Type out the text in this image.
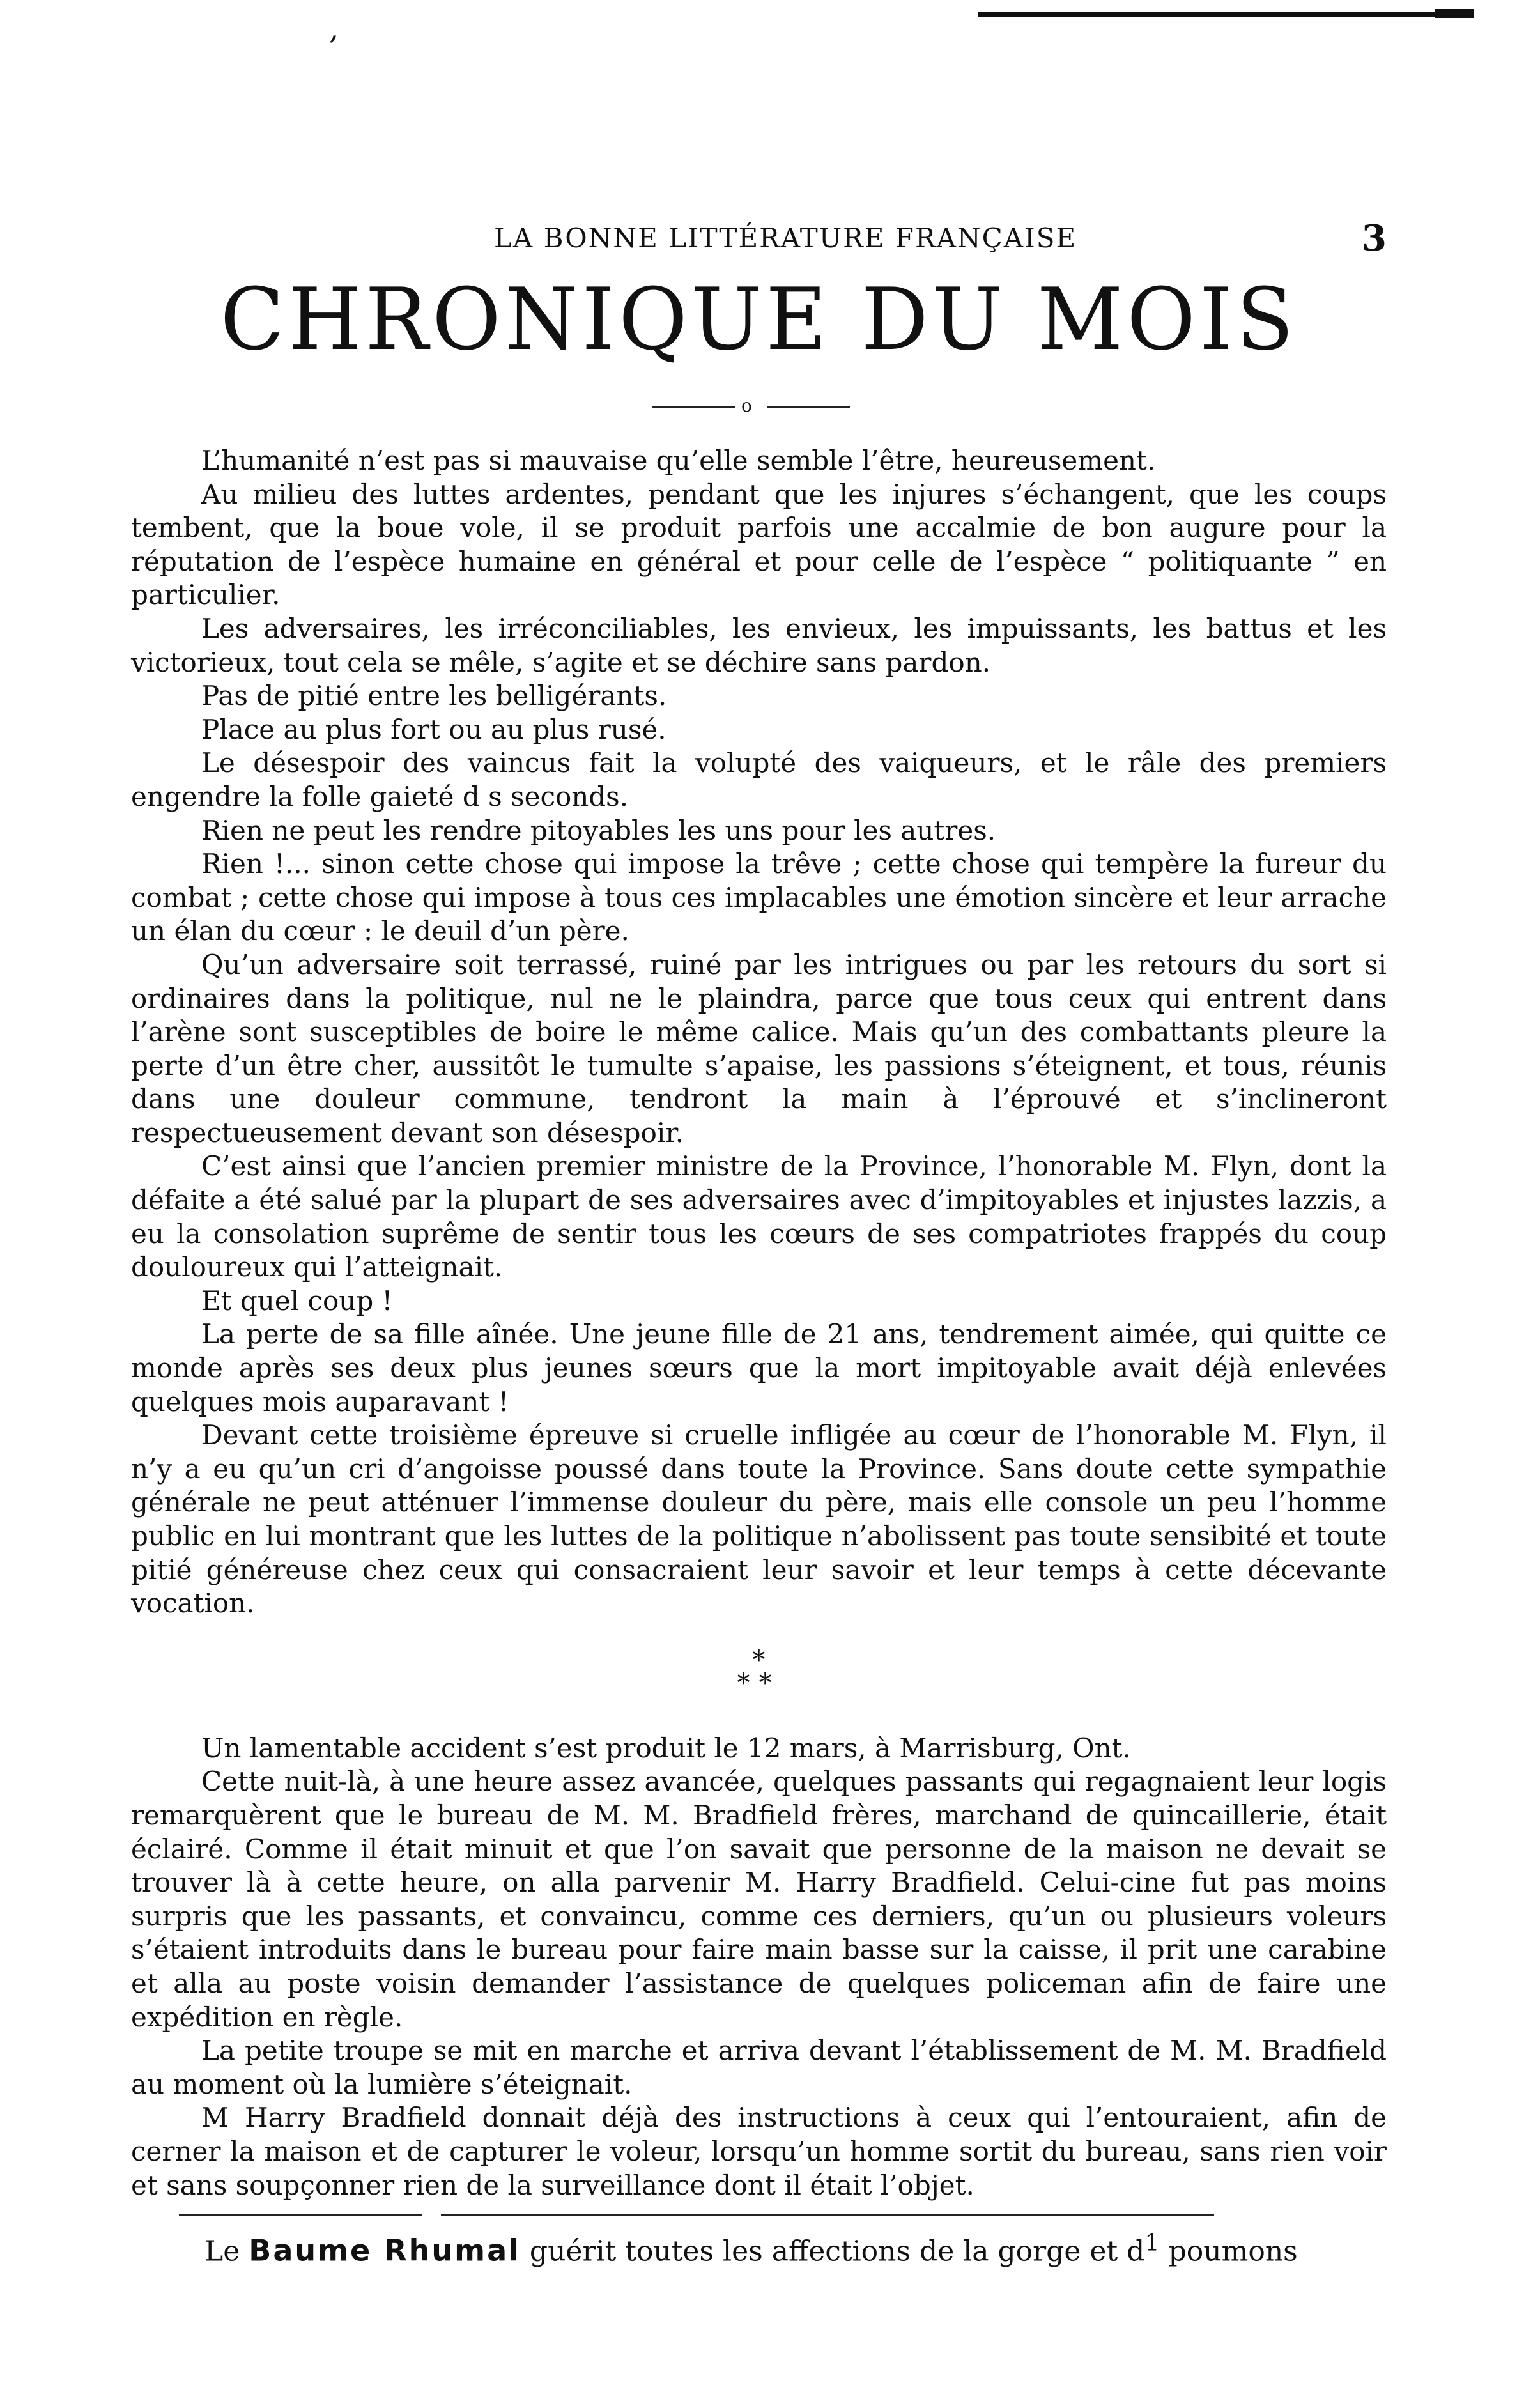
’
LA BONNE LITTÉRATURE FRANÇAISE	3
CHRONIQUE DU MOIS
o

L’humanité n’est pas si mauvaise qu’elle semble l’être, heureusement.

Au milieu des luttes ardentes, pendant que les injures s’échangent, que les coups tembent, que la boue vole, il se produit parfois une accalmie de bon augure pour la réputation de l’espèce humaine en général et pour celle de l’espèce “ politiquante ” en particulier.

Les adversaires, les irréconciliables, les envieux, les impuissants, les battus et les victorieux, tout cela se mêle, s’agite et se déchire sans pardon.

Pas de pitié entre les belligérants.

Place au plus fort ou au plus rusé.

Le désespoir des vaincus fait la volupté des vaiqueurs, et le râle des premiers engendre la folle gaieté d s seconds.

Rien ne peut les rendre pitoyables les uns pour les autres.

Rien !... sinon cette chose qui impose la trêve ; cette chose qui tempère la fureur du combat ; cette chose qui impose à tous ces implacables une émotion sincère et leur arrache un élan du cœur : le deuil d’un père.

Qu’un adversaire soit terrassé, ruiné par les intrigues ou par les retours du sort si ordinaires dans la politique, nul ne le plaindra, parce que tous ceux qui entrent dans l’arène sont susceptibles de boire le même calice. Mais qu’un des combattants pleure la perte d’un être cher, aussitôt le tumulte s’apaise, les passions s’éteignent, et tous, réunis dans une douleur commune, tendront la main à l’éprouvé et s’inclineront respectueusement devant son désespoir.

C’est ainsi que l’ancien premier ministre de la Province, l’honorable M. Flyn, dont la défaite a été salué par la plupart de ses adversaires avec d’impitoyables et injustes lazzis, a eu la consolation suprême de sentir tous les cœurs de ses compatriotes frappés du coup douloureux qui l’atteignait.

Et quel coup !

La perte de sa fille aînée. Une jeune fille de 21 ans, tendrement aimée, qui quitte ce monde après ses deux plus jeunes sœurs que la mort impitoyable avait déjà enlevées quelques mois auparavant !

Devant cette troisième épreuve si cruelle infligée au cœur de l’honorable M. Flyn, il n’y a eu qu’un cri d’angoisse poussé dans toute la Province. Sans doute cette sympathie générale ne peut atténuer l’immense douleur du père, mais elle console un peu l’homme public en lui montrant que les luttes de la politique n’abolissent pas toute sensibité et toute pitié généreuse chez ceux qui consacraient leur savoir et leur temps à cette décevante vocation.

*
**

Un lamentable accident s’est produit le 12 mars, à Marrisburg, Ont.

Cette nuit-là, à une heure assez avancée, quelques passants qui regagnaient leur logis remarquèrent que le bureau de M. M. Bradfield frères, marchand de quincaillerie, était éclairé. Comme il était minuit et que l’on savait que personne de la maison ne devait se trouver là à cette heure, on alla parvenir M. Harry Bradfield. Celui-cine fut pas moins surpris que les passants, et convaincu, comme ces derniers, qu’un ou plusieurs voleurs s’étaient introduits dans le bureau pour faire main basse sur la caisse, il prit une carabine et alla au poste voisin demander l’assistance de quelques policeman afin de faire une expédition en règle.

La petite troupe se mit en marche et arriva devant l’établissement de M. M. Bradfield au moment où la lumière s’éteignait.

M Harry Bradfield donnait déjà des instructions à ceux qui l’entouraient, afin de cerner la maison et de capturer le voleur, lorsqu’un homme sortit du bureau, sans rien voir et sans soupçonner rien de la surveillance dont il était l’objet.

Le Baume Rhumal guérit toutes les affections de la gorge et $d^1$ poumons
